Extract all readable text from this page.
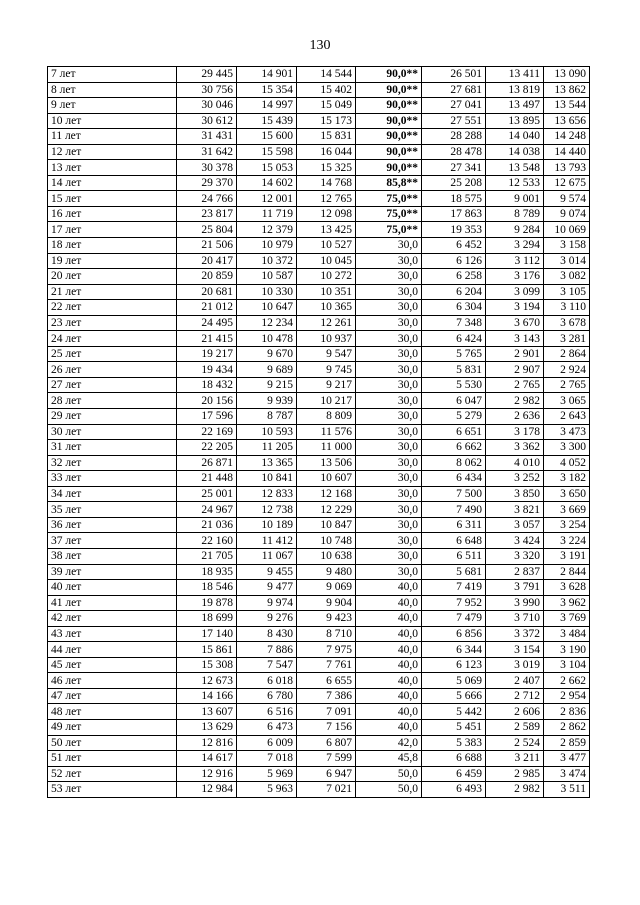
130
7 лет	29 445	14 901	14 544	90,0**	26 501	13 411	13 090
8 лет	30 756	15 354	15 402	90,0**	27 681	13 819	13 862
9 лет	30 046	14 997	15 049	90,0**	27 041	13 497	13 544
10 лет	30 612	15 439	15 173	90,0**	27 551	13 895	13 656
11 лет	31 431	15 600	15 831	90,0**	28 288	14 040	14 248
12 лет	31 642	15 598	16 044	90,0**	28 478	14 038	14 440
13 лет	30 378	15 053	15 325	90,0**	27 341	13 548	13 793
14 лет	29 370	14 602	14 768	85,8**	25 208	12 533	12 675
15 лет	24 766	12 001	12 765	75,0**	18 575	9 001	9 574
16 лет	23 817	11 719	12 098	75,0**	17 863	8 789	9 074
17 лет	25 804	12 379	13 425	75,0**	19 353	9 284	10 069
18 лет	21 506	10 979	10 527	30,0	6 452	3 294	3 158
19 лет	20 417	10 372	10 045	30,0	6 126	3 112	3 014
20 лет	20 859	10 587	10 272	30,0	6 258	3 176	3 082
21 лет	20 681	10 330	10 351	30,0	6 204	3 099	3 105
22 лет	21 012	10 647	10 365	30,0	6 304	3 194	3 110
23 лет	24 495	12 234	12 261	30,0	7 348	3 670	3 678
24 лет	21 415	10 478	10 937	30,0	6 424	3 143	3 281
25 лет	19 217	9 670	9 547	30,0	5 765	2 901	2 864
26 лет	19 434	9 689	9 745	30,0	5 831	2 907	2 924
27 лет	18 432	9 215	9 217	30,0	5 530	2 765	2 765
28 лет	20 156	9 939	10 217	30,0	6 047	2 982	3 065
29 лет	17 596	8 787	8 809	30,0	5 279	2 636	2 643
30 лет	22 169	10 593	11 576	30,0	6 651	3 178	3 473
31 лет	22 205	11 205	11 000	30,0	6 662	3 362	3 300
32 лет	26 871	13 365	13 506	30,0	8 062	4 010	4 052
33 лет	21 448	10 841	10 607	30,0	6 434	3 252	3 182
34 лет	25 001	12 833	12 168	30,0	7 500	3 850	3 650
35 лет	24 967	12 738	12 229	30,0	7 490	3 821	3 669
36 лет	21 036	10 189	10 847	30,0	6 311	3 057	3 254
37 лет	22 160	11 412	10 748	30,0	6 648	3 424	3 224
38 лет	21 705	11 067	10 638	30,0	6 511	3 320	3 191
39 лет	18 935	9 455	9 480	30,0	5 681	2 837	2 844
40 лет	18 546	9 477	9 069	40,0	7 419	3 791	3 628
41 лет	19 878	9 974	9 904	40,0	7 952	3 990	3 962
42 лет	18 699	9 276	9 423	40,0	7 479	3 710	3 769
43 лет	17 140	8 430	8 710	40,0	6 856	3 372	3 484
44 лет	15 861	7 886	7 975	40,0	6 344	3 154	3 190
45 лет	15 308	7 547	7 761	40,0	6 123	3 019	3 104
46 лет	12 673	6 018	6 655	40,0	5 069	2 407	2 662
47 лет	14 166	6 780	7 386	40,0	5 666	2 712	2 954
48 лет	13 607	6 516	7 091	40,0	5 442	2 606	2 836
49 лет	13 629	6 473	7 156	40,0	5 451	2 589	2 862
50 лет	12 816	6 009	6 807	42,0	5 383	2 524	2 859
51 лет	14 617	7 018	7 599	45,8	6 688	3 211	3 477
52 лет	12 916	5 969	6 947	50,0	6 459	2 985	3 474
53 лет	12 984	5 963	7 021	50,0	6 493	2 982	3 511
